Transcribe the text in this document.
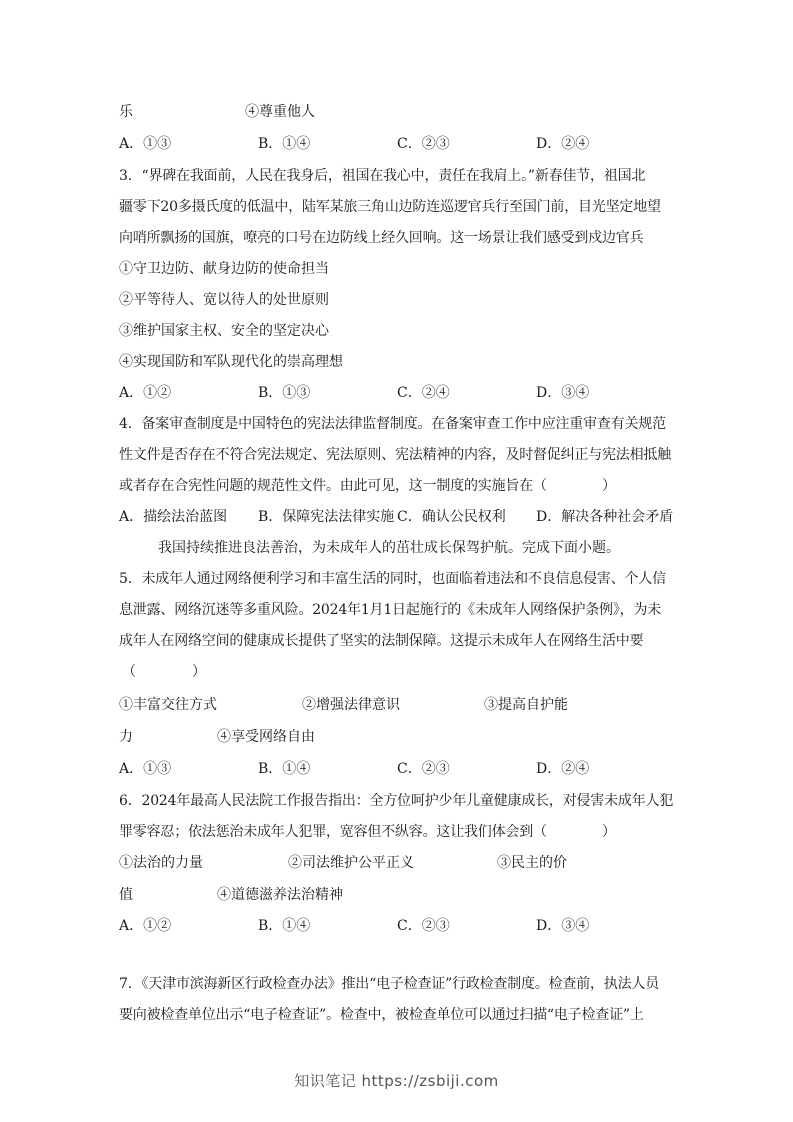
乐	④尊重他人
A．①③	B．①④	C．②③	D．②④
3．“界碑在我面前，人民在我身后，祖国在我心中，责任在我肩上。”新春佳节，祖国北
疆零下20多摄氏度的低温中，陆军某旅三角山边防连巡逻官兵行至国门前，目光坚定地望
向哨所飘扬的国旗，嘹亮的口号在边防线上经久回响。这一场景让我们感受到戍边官兵
①守卫边防、献身边防的使命担当
②平等待人、宽以待人的处世原则
③维护国家主权、安全的坚定决心
④实现国防和军队现代化的崇高理想
A．①②	B．①③	C．②④	D．③④
4．备案审查制度是中国特色的宪法法律监督制度。在备案审查工作中应注重审查有关规范
性文件是否存在不符合宪法规定、宪法原则、宪法精神的内容，及时督促纠正与宪法相抵触
或者存在合宪性问题的规范性文件。由此可见，这一制度的实施旨在（　　　　）
A．描绘法治蓝图 B．保障宪法法律实施 C．确认公民权利 D．解决各种社会矛盾
我国持续推进良法善治，为未成年人的茁壮成长保驾护航。完成下面小题。
5．未成年人通过网络便利学习和丰富生活的同时，也面临着违法和不良信息侵害、个人信
息泄露、网络沉迷等多重风险。2024年1月1日起施行的《未成年人网络保护条例》，为未
成年人在网络空间的健康成长提供了坚实的法制保障。这提示未成年人在网络生活中要
（　　　　）
①丰富交往方式	②增强法律意识	③提高自护能
力	④享受网络自由
A．①③	B．①④	C．②③	D．②④
6．2024年最高人民法院工作报告指出：全方位呵护少年儿童健康成长，对侵害未成年人犯
罪零容忍；依法惩治未成年人犯罪，宽容但不纵容。这让我们体会到（　　　　）
①法治的力量	②司法维护公平正义	③民主的价
值	④道德滋养法治精神
A．①②	B．①④	C．②③	D．③④
7．《天津市滨海新区行政检查办法》推出“电子检查证”行政检查制度。检查前，执法人员
要向被检查单位出示“电子检查证”。检查中，被检查单位可以通过扫描“电子检查证”上
知识笔记 https://zsbiji.com
